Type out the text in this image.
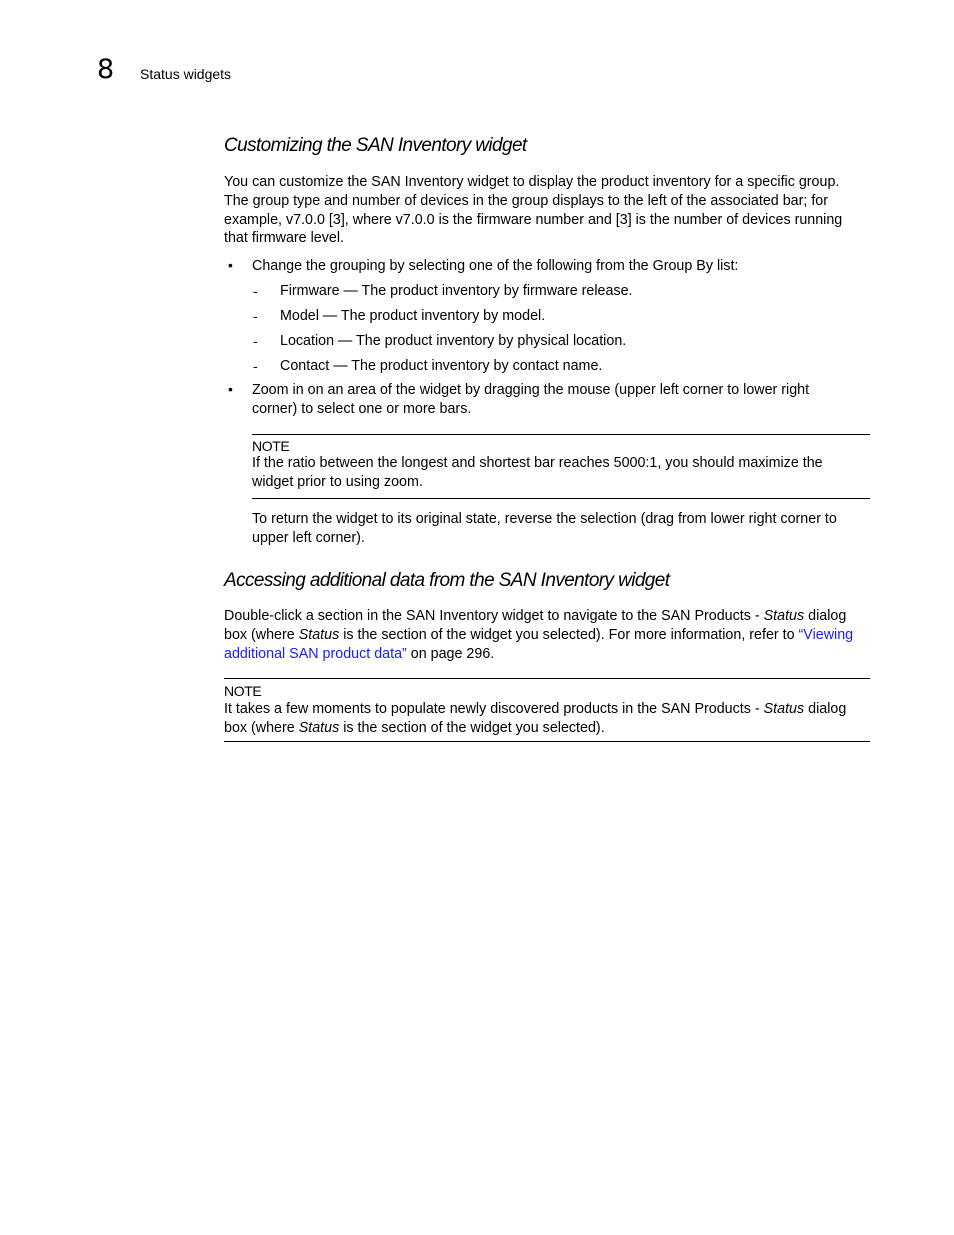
8 Status widgets
Customizing the SAN Inventory widget
You can customize the SAN Inventory widget to display the product inventory for a specific group.
The group type and number of devices in the group displays to the left of the associated bar; for
example, v7.0.0 [3], where v7.0.0 is the firmware number and [3] is the number of devices running
that firmware level.
• Change the grouping by selecting one of the following from the Group By list:
- Firmware — The product inventory by firmware release.
- Model — The product inventory by model.
- Location — The product inventory by physical location.
- Contact — The product inventory by contact name.
• Zoom in on an area of the widget by dragging the mouse (upper left corner to lower right
corner) to select one or more bars.
NOTE
If the ratio between the longest and shortest bar reaches 5000:1, you should maximize the
widget prior to using zoom.
To return the widget to its original state, reverse the selection (drag from lower right corner to
upper left corner).
Accessing additional data from the SAN Inventory widget
Double-click a section in the SAN Inventory widget to navigate to the SAN Products - Status dialog
box (where Status is the section of the widget you selected). For more information, refer to “Viewing
additional SAN product data” on page 296.
NOTE
It takes a few moments to populate newly discovered products in the SAN Products - Status dialog
box (where Status is the section of the widget you selected).
